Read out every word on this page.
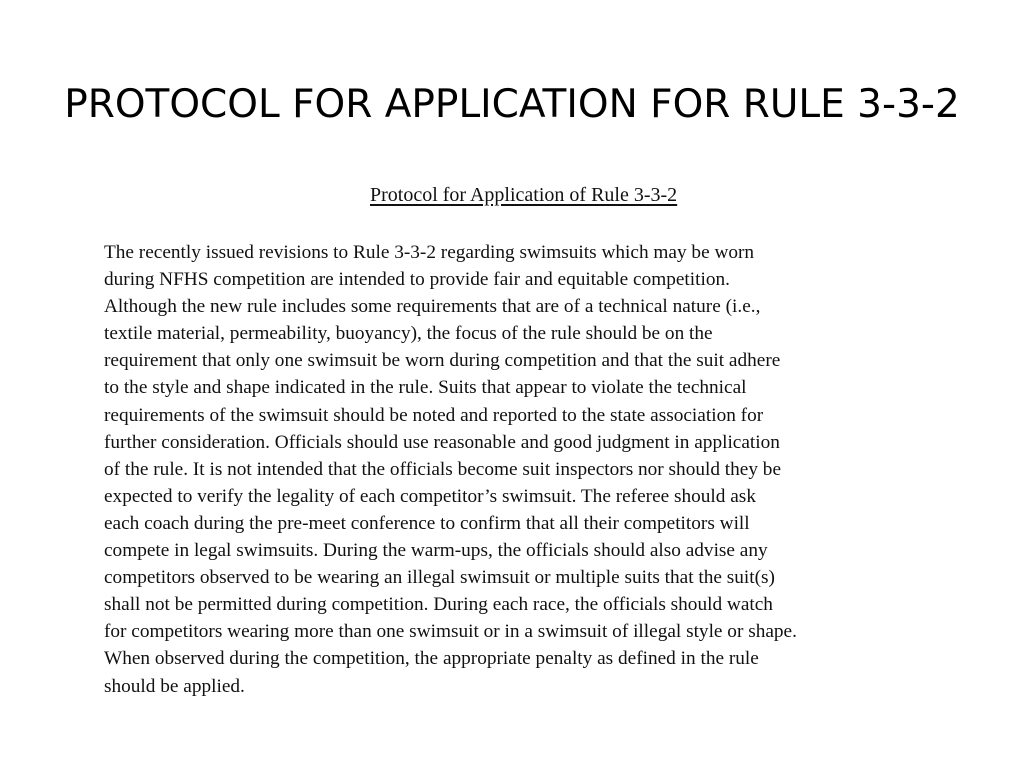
PROTOCOL FOR APPLICATION FOR RULE 3-3-2
Protocol for Application of Rule 3-3-2

The recently issued revisions to Rule 3-3-2 regarding swimsuits which may be worn
during NFHS competition are intended to provide fair and equitable competition.
Although the new rule includes some requirements that are of a technical nature (i.e.,
textile material, permeability, buoyancy), the focus of the rule should be on the
requirement that only one swimsuit be worn during competition and that the suit adhere
to the style and shape indicated in the rule. Suits that appear to violate the technical
requirements of the swimsuit should be noted and reported to the state association for
further consideration. Officials should use reasonable and good judgment in application
of the rule. It is not intended that the officials become suit inspectors nor should they be
expected to verify the legality of each competitor’s swimsuit. The referee should ask
each coach during the pre-meet conference to confirm that all their competitors will
compete in legal swimsuits. During the warm-ups, the officials should also advise any
competitors observed to be wearing an illegal swimsuit or multiple suits that the suit(s)
shall not be permitted during competition. During each race, the officials should watch
for competitors wearing more than one swimsuit or in a swimsuit of illegal style or shape.
When observed during the competition, the appropriate penalty as defined in the rule
should be applied.
